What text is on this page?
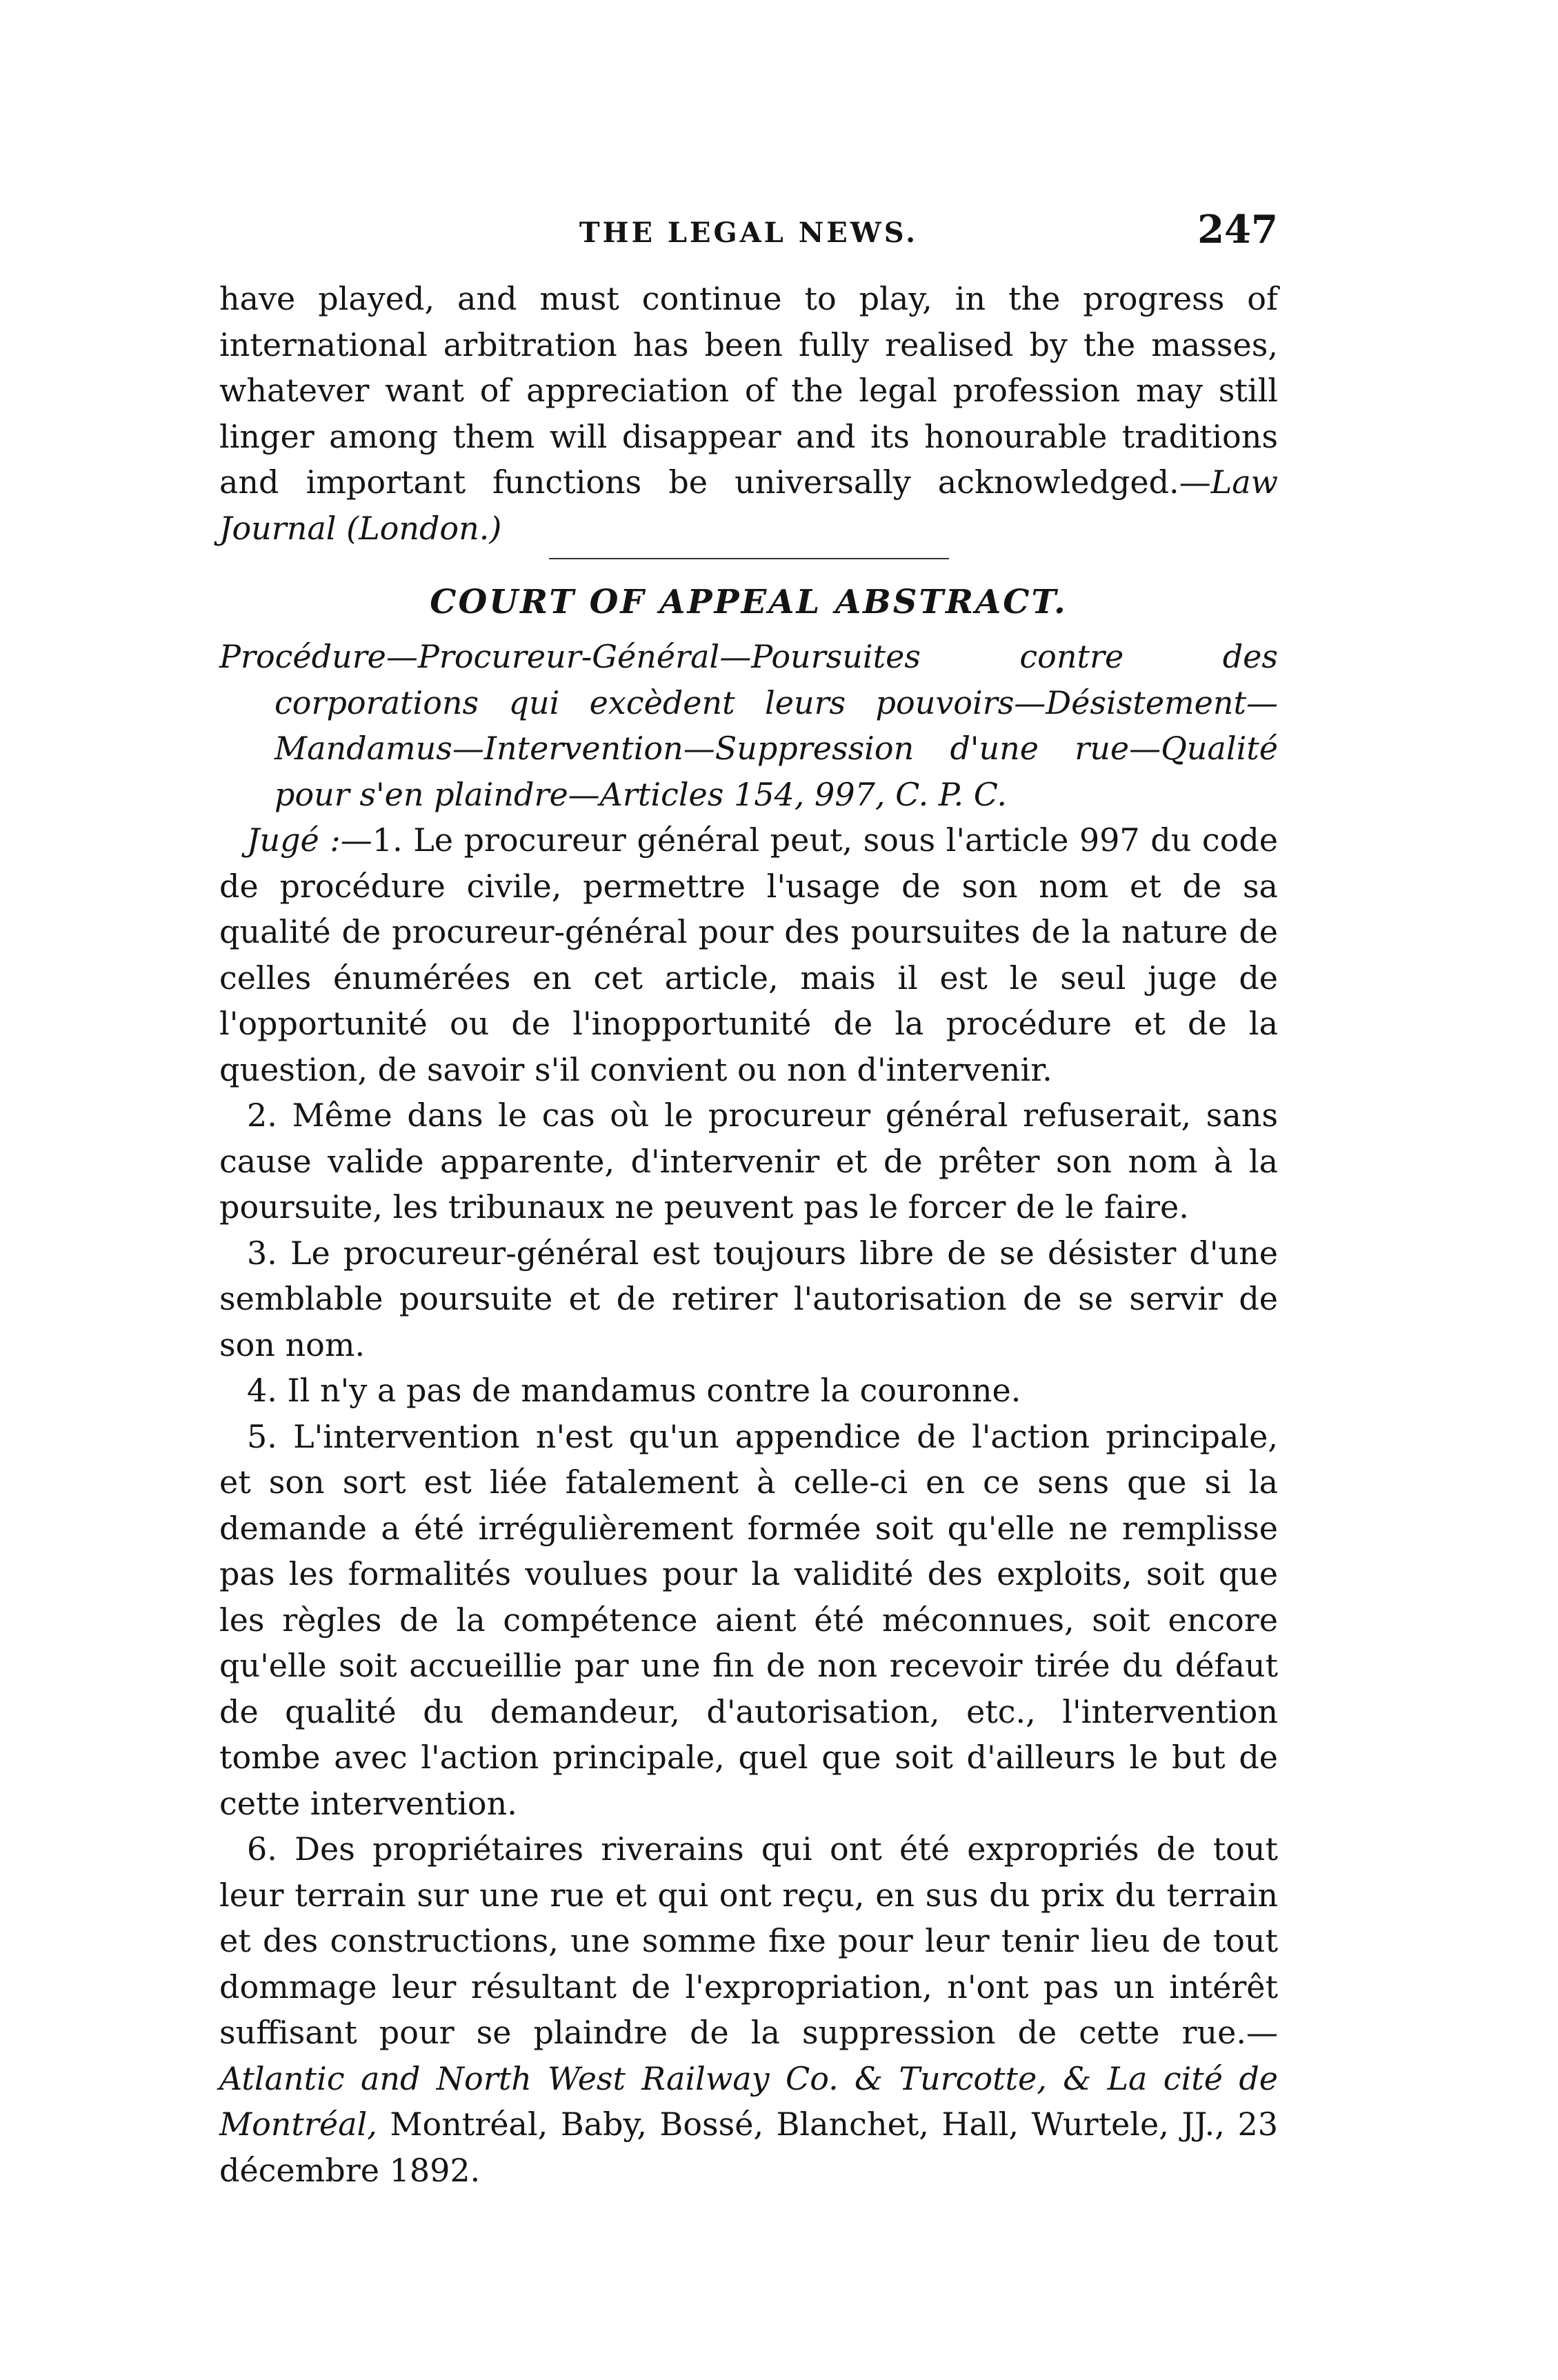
THE LEGAL NEWS.	247

have played, and must continue to play, in the progress of international arbitration has been fully realised by the masses, whatever want of appreciation of the legal profession may still linger among them will disappear and its honourable traditions and important functions be universally acknowledged.—Law Journal (London.)

COURT OF APPEAL ABSTRACT.

Procédure—Procureur-Général—Poursuites contre des corporations qui excèdent leurs pouvoirs—Désistement—Mandamus—Intervention—Suppression d'une rue—Qualité pour s'en plaindre—Articles 154, 997, C. P. C.

Jugé :—1. Le procureur général peut, sous l'article 997 du code de procédure civile, permettre l'usage de son nom et de sa qualité de procureur-général pour des poursuites de la nature de celles énumérées en cet article, mais il est le seul juge de l'opportunité ou de l'inopportunité de la procédure et de la question, de savoir s'il convient ou non d'intervenir.

2. Même dans le cas où le procureur général refuserait, sans cause valide apparente, d'intervenir et de prêter son nom à la poursuite, les tribunaux ne peuvent pas le forcer de le faire.

3. Le procureur-général est toujours libre de se désister d'une semblable poursuite et de retirer l'autorisation de se servir de son nom.

4. Il n'y a pas de mandamus contre la couronne.

5. L'intervention n'est qu'un appendice de l'action principale, et son sort est liée fatalement à celle-ci en ce sens que si la demande a été irrégulièrement formée soit qu'elle ne remplisse pas les formalités voulues pour la validité des exploits, soit que les règles de la compétence aient été méconnues, soit encore qu'elle soit accueillie par une fin de non recevoir tirée du défaut de qualité du demandeur, d'autorisation, etc., l'intervention tombe avec l'action principale, quel que soit d'ailleurs le but de cette intervention.

6. Des propriétaires riverains qui ont été expropriés de tout leur terrain sur une rue et qui ont reçu, en sus du prix du terrain et des constructions, une somme fixe pour leur tenir lieu de tout dommage leur résultant de l'expropriation, n'ont pas un intérêt suffisant pour se plaindre de la suppression de cette rue.—Atlantic and North West Railway Co. & Turcotte, & La cité de Montréal, Montréal, Baby, Bossé, Blanchet, Hall, Wurtele, JJ., 23 décembre 1892.
